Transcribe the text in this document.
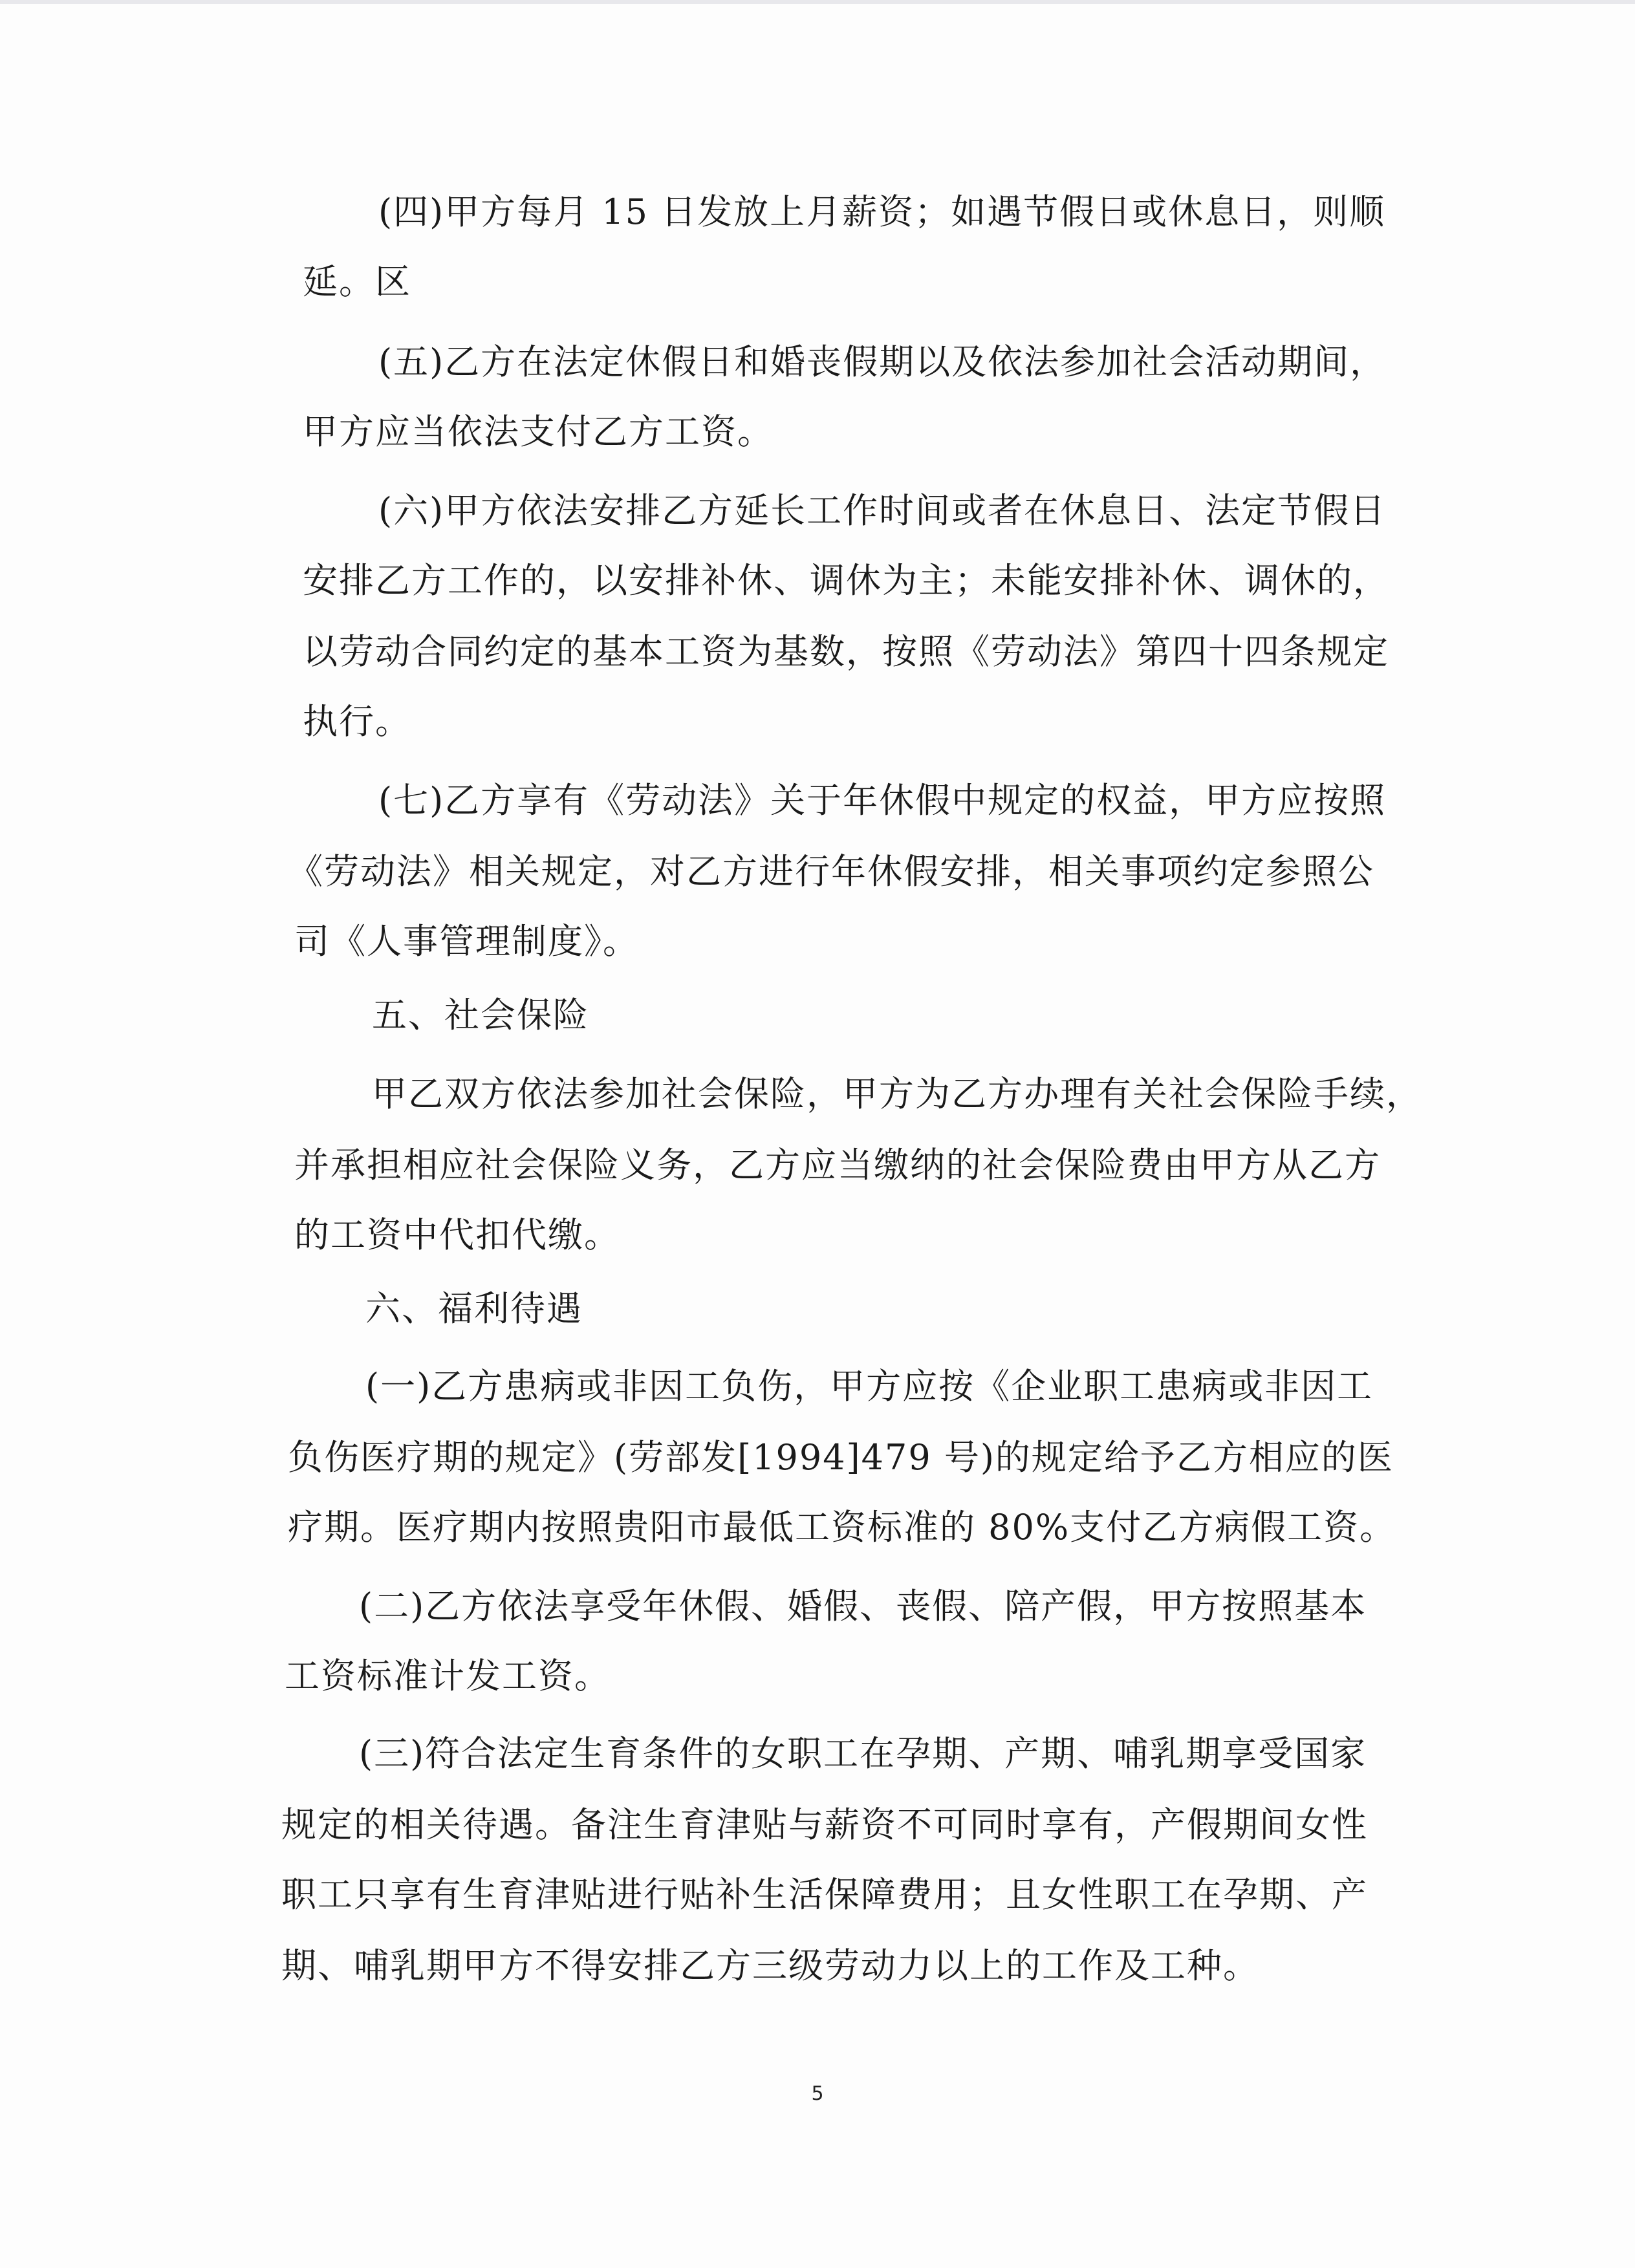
(四)甲方每月 15 日发放上月薪资；如遇节假日或休息日，则顺
延。区
(五)乙方在法定休假日和婚丧假期以及依法参加社会活动期间，
甲方应当依法支付乙方工资。
(六)甲方依法安排乙方延长工作时间或者在休息日、法定节假日
安排乙方工作的，以安排补休、调休为主；未能安排补休、调休的，
以劳动合同约定的基本工资为基数，按照《劳动法》第四十四条规定
执行。
(七)乙方享有《劳动法》关于年休假中规定的权益，甲方应按照
《劳动法》相关规定，对乙方进行年休假安排，相关事项约定参照公
司《人事管理制度》。
五、社会保险
甲乙双方依法参加社会保险，甲方为乙方办理有关社会保险手续，
并承担相应社会保险义务，乙方应当缴纳的社会保险费由甲方从乙方
的工资中代扣代缴。
六、福利待遇
(一)乙方患病或非因工负伤，甲方应按《企业职工患病或非因工
负伤医疗期的规定》(劳部发[1994]479 号)的规定给予乙方相应的医
疗期。医疗期内按照贵阳市最低工资标准的 80%支付乙方病假工资。
(二)乙方依法享受年休假、婚假、丧假、陪产假，甲方按照基本
工资标准计发工资。
(三)符合法定生育条件的女职工在孕期、产期、哺乳期享受国家
规定的相关待遇。备注生育津贴与薪资不可同时享有，产假期间女性
职工只享有生育津贴进行贴补生活保障费用；且女性职工在孕期、产
期、哺乳期甲方不得安排乙方三级劳动力以上的工作及工种。
5
